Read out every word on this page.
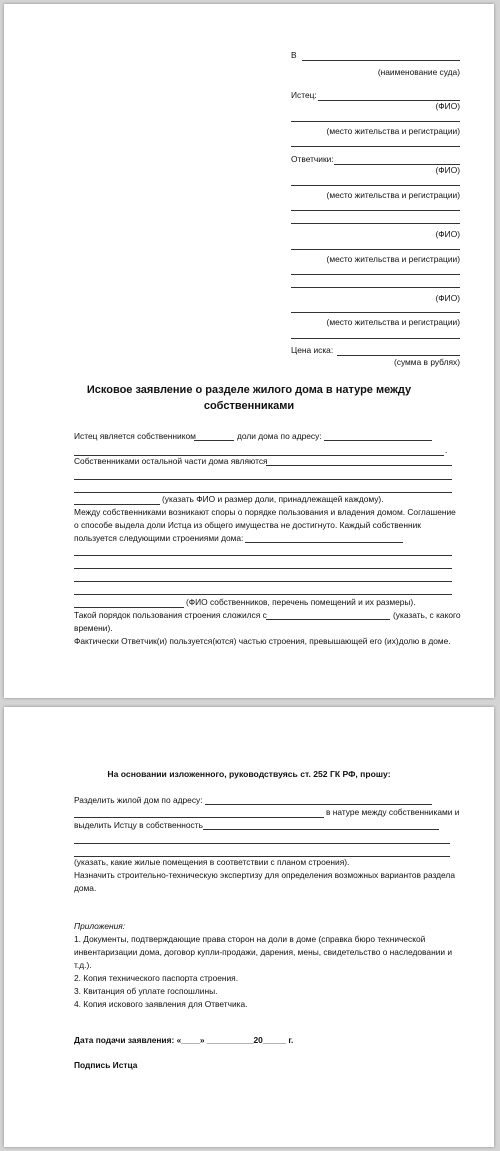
В

(наименование суда)

Истец:

(ФИО)

(место жительства и регистрации)

Ответчики:

(ФИО)

(место жительства и регистрации)

(ФИО)

(место жительства и регистрации)

(ФИО)

(место жительства и регистрации)

Цена иска:

(сумма в рублях)

Исковое заявление о разделе жилого дома в натуре между

собственниками

Истец является собственником	доли дома по адресу:

.

Собственниками остальной части дома являются

(указать ФИО и размер доли, принадлежащей каждому).

Между собственниками возникают споры о порядке пользования и владения домом. Соглашение

о способе выдела доли Истца из общего имущества не достигнуто. Каждый собственник

пользуется следующими строениями дома:

(ФИО собственников, перечень помещений и их размеры).

Такой порядок пользования строения сложился с	(указать, с какого

времени).

Фактически Ответчик(и) пользуется(ются) частью строения, превышающей его (их)долю в доме.

На основании изложенного, руководствуясь ст. 252 ГК РФ, прошу:

Разделить жилой дом по адресу:

в натуре между собственниками и

выделить Истцу в собственность

(указать, какие жилые помещения в соответствии с планом строения).

Назначить строительно-техническую экспертизу для определения возможных вариантов раздела

дома.

Приложения:

1. Документы, подтверждающие права сторон на доли в доме (справка бюро технической

инвентаризации дома, договор купли-продажи, дарения, мены, свидетельство о наследовании и

т.д.).

2. Копия технического паспорта строения.

3. Квитанция об уплате госпошлины.

4. Копия искового заявления для Ответчика.

Дата подачи заявления: «____» __________20_____ г.

Подпись Истца
